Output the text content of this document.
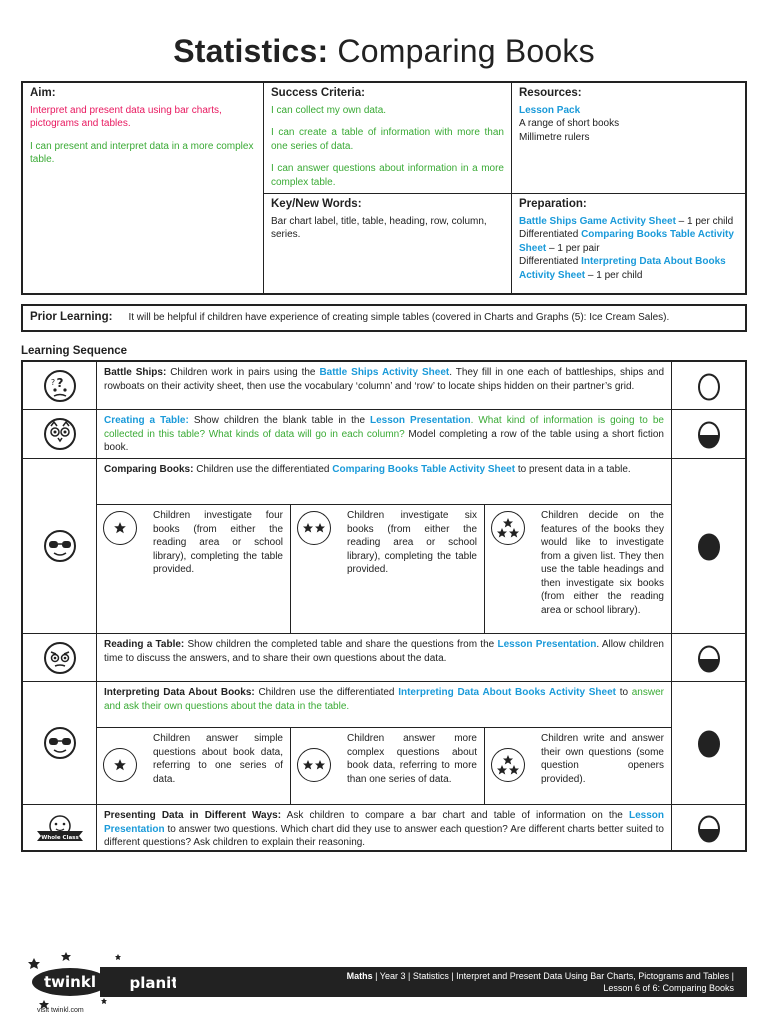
Statistics: Comparing Books
Aim:

Interpret and present data using bar charts, pictograms and tables.

I can present and interpret data in a more complex table.

Success Criteria:

I can collect my own data.

I can create a table of information with more than one series of data.

I can answer questions about information in a more complex table.

Resources:
Lesson Pack
A range of short books
Millimetre rulers
Key/New Words:
Bar chart label, title, table, heading, row, column, series.
Preparation:
Battle Ships Game Activity Sheet – 1 per child
Differentiated Comparing Books Table Activity Sheet – 1 per pair
Differentiated Interpreting Data About Books Activity Sheet – 1 per child
Prior Learning: It will be helpful if children have experience of creating simple tables (covered in Charts and Graphs (5): Ice Cream Sales).
Learning Sequence
?
?
Battle Ships: Children work in pairs using the Battle Ships Activity Sheet. They fill in one each of battleships, ships and rowboats on their activity sheet, then use the vocabulary ‘column’ and ‘row’ to locate ships hidden on their partner’s grid.
Creating a Table: Show children the blank table in the Lesson Presentation. What kind of information is going to be collected in this table? What kinds of data will go in each column? Model completing a row of the table using a short fiction book.
Comparing Books: Children use the differentiated Comparing Books Table Activity Sheet to present data in a table.
Children investigate four books (from either the reading area or school library), completing the table provided.
Children investigate six books (from either the reading area or school library), completing the table provided.
Children decide on the features of the books they would like to investigate from a given list. They then use the table headings and then investigate six books (from either the reading area or school library).
Reading a Table: Show children the completed table and share the questions from the Lesson Presentation. Allow children time to discuss the answers, and to share their own questions about the data.
Interpreting Data About Books: Children use the differentiated Interpreting Data About Books Activity Sheet to answer and ask their own questions about the data in the table.
Children answer simple questions about book data, referring to one series of data.
Children answer more complex questions about book data, referring to more than one series of data.
Children write and answer their own questions (some question openers provided).
Whole Class
Presenting Data in Different Ways: Ask children to compare a bar chart and table of information on the Lesson Presentation to answer two questions. Which chart did they use to answer each question? Are different charts better suited to different questions? Ask children to explain their reasoning.
Maths | Year 3 | Statistics | Interpret and Present Data Using Bar Charts, Pictograms and Tables |
Lesson 6 of 6: Comparing Books
twinkl planit
visit twinkl.com
